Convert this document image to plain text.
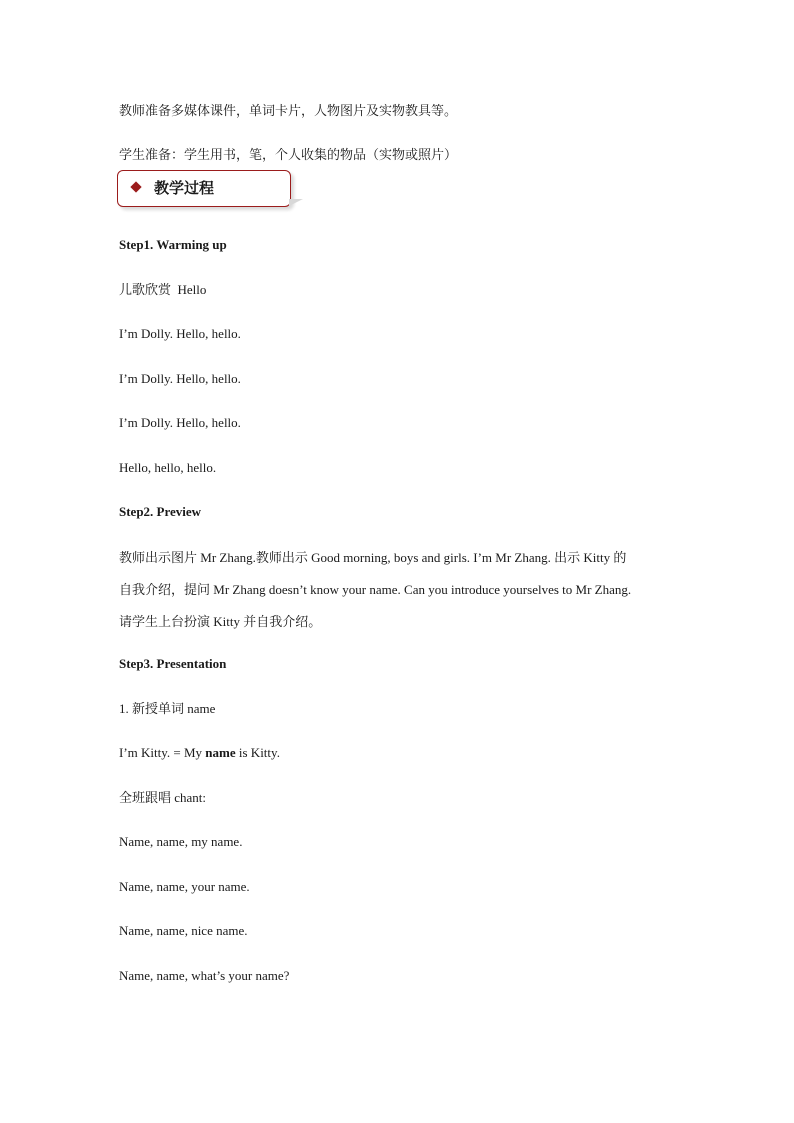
教师准备多媒体课件，单词卡片，人物图片及实物教具等。
学生准备：学生用书，笔，个人收集的物品（实物或照片）
教学过程
Step1. Warming up
儿歌欣赏 Hello
I’m Dolly. Hello, hello.
I’m Dolly. Hello, hello.
I’m Dolly. Hello, hello.
Hello, hello, hello.
Step2. Preview
教师出示图片 Mr Zhang.教师出示 Good morning, boys and girls. I’m Mr Zhang. 出示 Kitty 的
自我介绍，提问 Mr Zhang doesn’t know your name. Can you introduce yourselves to Mr Zhang.
请学生上台扮演 Kitty 并自我介绍。
Step3. Presentation
1. 新授单词 name
I’m Kitty. = My name is Kitty.
全班跟唱 chant:
Name, name, my name.
Name, name, your name.
Name, name, nice name.
Name, name, what’s your name?
